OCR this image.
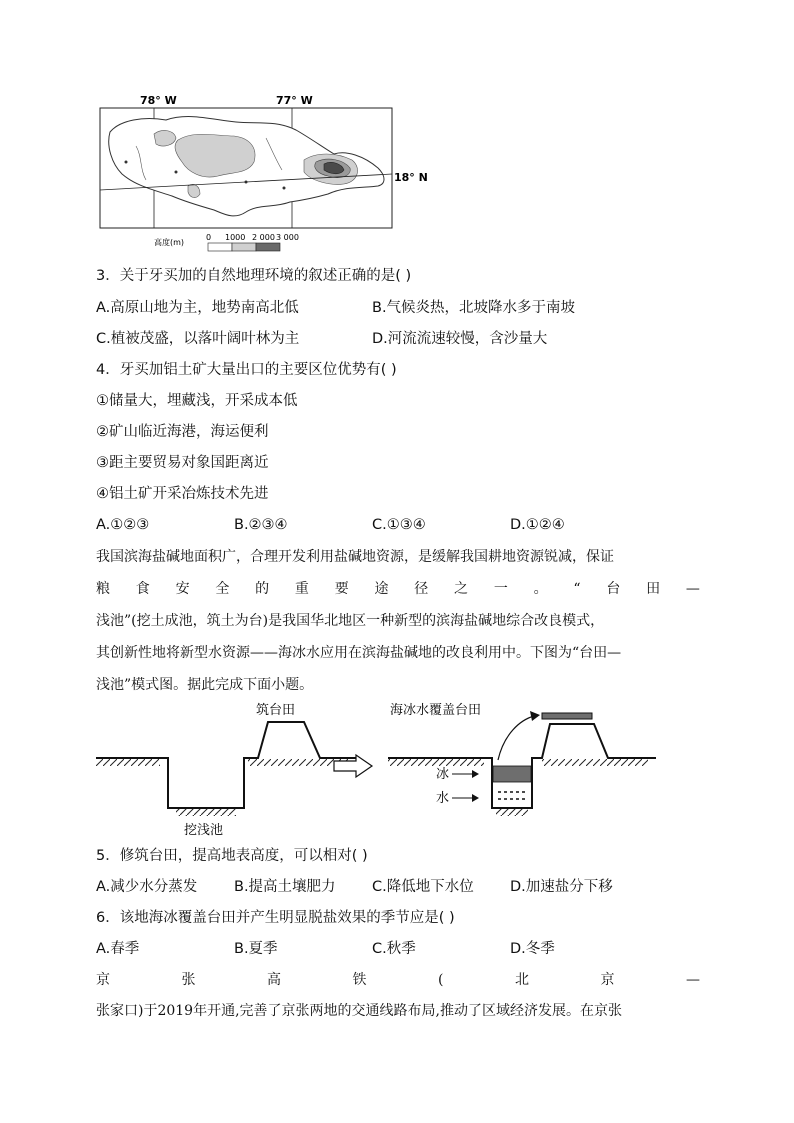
78° W	77° W
18° N
高度(m)
0 1000 2 000 3 000
3．关于牙买加的自然地理环境的叙述正确的是( )
A.高原山地为主，地势南高北低	B.气候炎热，北坡降水多于南坡
C.植被茂盛，以落叶阔叶林为主	D.河流流速较慢，含沙量大
4．牙买加铝土矿大量出口的主要区位优势有( )
①储量大，埋藏浅，开采成本低
②矿山临近海港，海运便利
③距主要贸易对象国距离近
④铝土矿开采冶炼技术先进
A.①②③	B.②③④	C.①③④	D.①②④
我国滨海盐碱地面积广，合理开发利用盐碱地资源，是缓解我国耕地资源锐减，保证
粮 食 安 全 的 重 要 途 径 之 一 。 “ 台 田 —
浅池”(挖土成池，筑土为台)是我国华北地区一种新型的滨海盐碱地综合改良模式，
其创新性地将新型水资源——海冰水应用在滨海盐碱地的改良利用中。下图为“台田—
浅池”模式图。据此完成下面小题。
筑台田
挖浅池
冰
水
海冰水覆盖台田
5．修筑台田，提高地表高度，可以相对( )
A.减少水分蒸发	B.提高土壤肥力	C.降低地下水位	D.加速盐分下移
6．该地海冰覆盖台田并产生明显脱盐效果的季节应是( )
A.春季	B.夏季	C.秋季	D.冬季
京	张	高	铁	(	北	京	—
张家口)于2019年开通,完善了京张两地的交通线路布局,推动了区域经济发展。在京张
